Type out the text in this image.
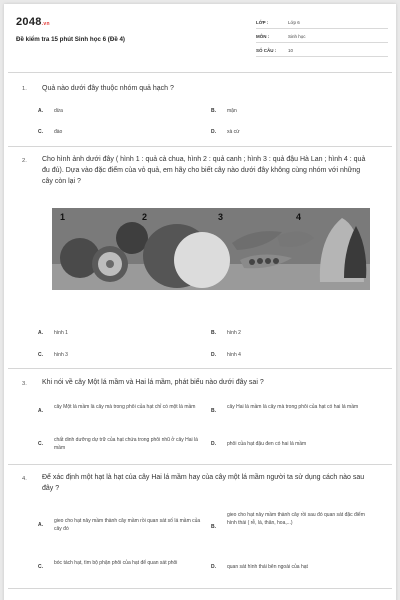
2048.vn
Đề kiểm tra 15 phút Sinh học 6 (Đề 4)
LỚP :	Lớp 6
MÔN :	Sinh học
SỐ CÂU :	10
1. Quả nào dưới đây thuộc nhóm quả hạch ?
A. dừa	B. mận
C. đào	D. xà cừ
2. Cho hình ảnh dưới đây ( hình 1 : quả cà chua, hình 2 : quả canh ; hình 3 : quả đậu Hà Lan ; hình 4 : quả đu đủ). Dựa vào đặc điểm của vỏ quả, em hãy cho biết cây nào dưới đây không cùng nhóm với những cây còn lại ?
1	2	3	4
A. hình 1	B. hình 2
C. hình 3	D. hình 4
3. Khi nói về cây Một lá mầm và Hai lá mầm, phát biểu nào dưới đây sai ?
A.
cây Một lá mầm là cây mà trong phôi của hạt chỉ có một lá mầm
B.
cây Hai lá mầm là cây mà trong phôi của hạt có hai lá mầm
C.
chất dinh dưỡng dự trữ của hạt chứa trong phôi nhũ ở cây Hai lá mầm
D. phôi của hạt đậu đen có hai lá mầm
4. Để xác định một hạt là hạt của cây Hai lá mầm hay của cây một lá mầm người ta sử dụng cách nào sau đây ?
A.
gieo cho hạt nảy mầm thành cây mầm rồi quan sát số lá mầm của cây đó	B.
gieo cho hạt nảy mầm thành cây rồi sau đó quan sát đặc điểm hình thái ( rễ, lá, thân, hoa,...)
C.
bóc tách hạt, tìm bộ phận phôi của hạt để quan sát phôi
D. quan sát hình thái bên ngoài của hạt
